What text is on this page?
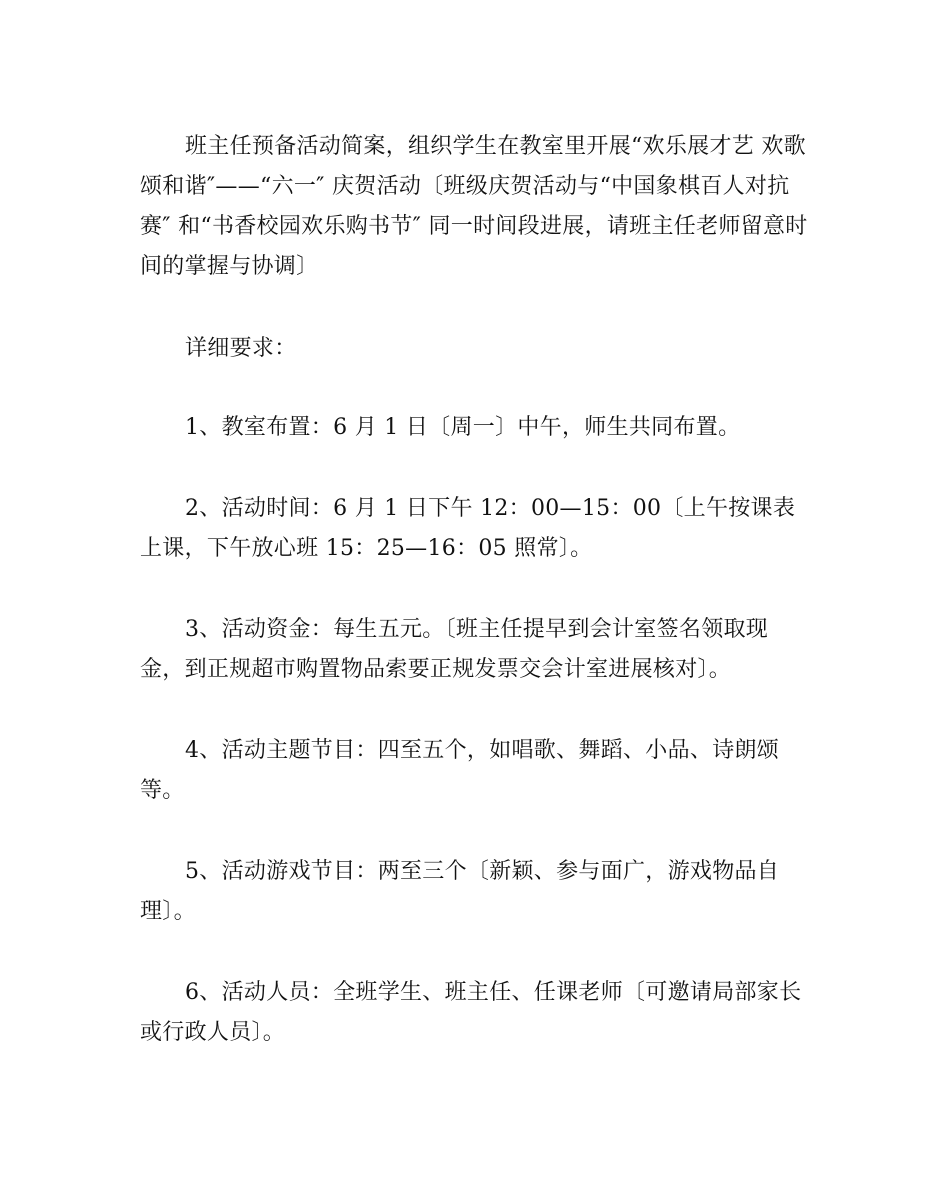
班主任预备活动简案，组织学生在教室里开展“欢乐展才艺 欢歌颂和谐″——“六一″ 庆贺活动〔班级庆贺活动与“中国象棋百人对抗赛″ 和“书香校园欢乐购书节″ 同一时间段进展，请班主任老师留意时间的掌握与协调〕

详细要求：

1、教室布置：6 月 1 日〔周一〕中午，师生共同布置。

2、活动时间：6 月 1 日下午 12：00—15：00〔上午按课表上课，下午放心班 15：25—16：05 照常〕。

3、活动资金：每生五元。〔班主任提早到会计室签名领取现金，到正规超市购置物品索要正规发票交会计室进展核对〕。

4、活动主题节目：四至五个，如唱歌、舞蹈、小品、诗朗颂等。

5、活动游戏节目：两至三个〔新颖、参与面广，游戏物品自理〕。

6、活动人员：全班学生、班主任、任课老师〔可邀请局部家长或行政人员〕。
